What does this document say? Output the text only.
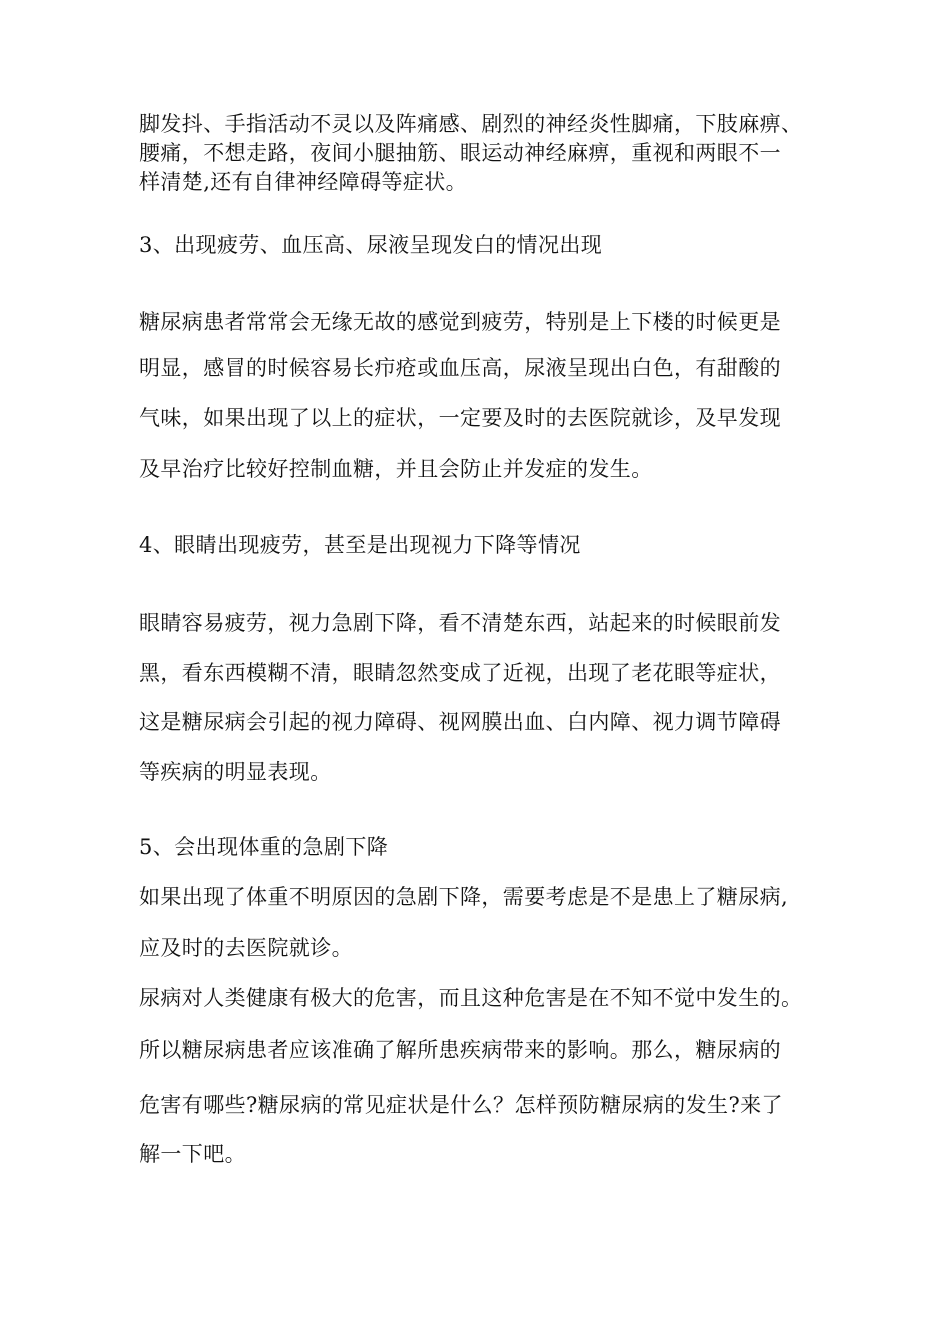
脚发抖、手指活动不灵以及阵痛感、剧烈的神经炎性脚痛，下肢麻痹、
腰痛，不想走路，夜间小腿抽筋、眼运动神经麻痹，重视和两眼不一
样清楚,还有自律神经障碍等症状。
3、出现疲劳、血压高、尿液呈现发白的情况出现
糖尿病患者常常会无缘无故的感觉到疲劳，特别是上下楼的时候更是
明显，感冒的时候容易长疖疮或血压高，尿液呈现出白色，有甜酸的
气味，如果出现了以上的症状，一定要及时的去医院就诊，及早发现
及早治疗比较好控制血糖，并且会防止并发症的发生。
4、眼睛出现疲劳，甚至是出现视力下降等情况
眼睛容易疲劳，视力急剧下降，看不清楚东西，站起来的时候眼前发
黑，看东西模糊不清，眼睛忽然变成了近视，出现了老花眼等症状，
这是糖尿病会引起的视力障碍、视网膜出血、白内障、视力调节障碍
等疾病的明显表现。
5、会出现体重的急剧下降
如果出现了体重不明原因的急剧下降，需要考虑是不是患上了糖尿病,
应及时的去医院就诊。
尿病对人类健康有极大的危害，而且这种危害是在不知不觉中发生的。
所以糖尿病患者应该准确了解所患疾病带来的影响。那么，糖尿病的
危害有哪些?糖尿病的常见症状是什么？怎样预防糖尿病的发生?来了
解一下吧。
